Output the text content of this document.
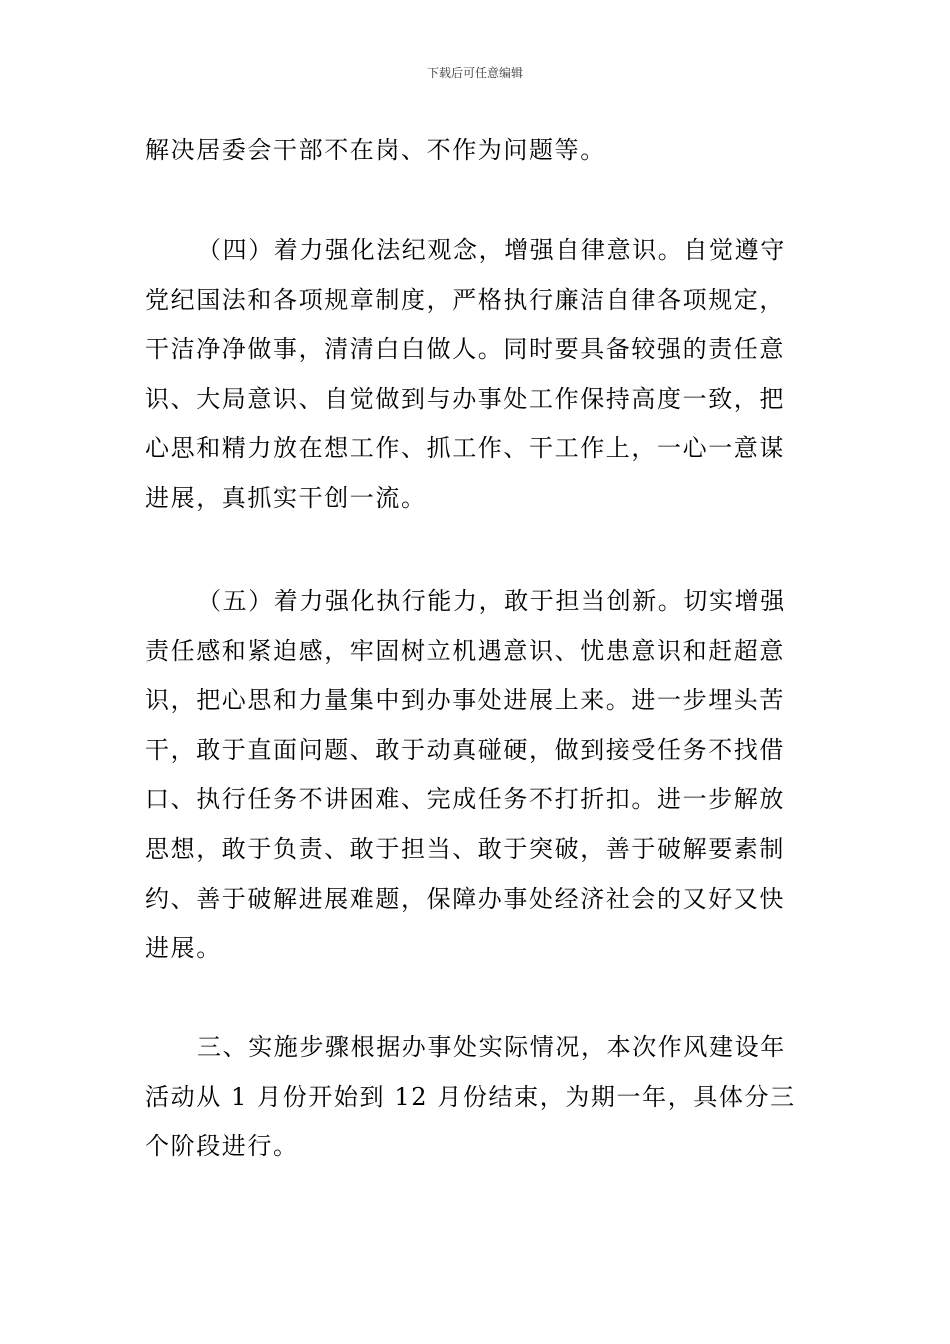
下载后可任意编辑

解决居委会干部不在岗、不作为问题等。

（四）着力强化法纪观念，增强自律意识。自觉遵守党纪国法和各项规章制度，严格执行廉洁自律各项规定，干洁净净做事，清清白白做人。同时要具备较强的责任意识、大局意识、自觉做到与办事处工作保持高度一致，把心思和精力放在想工作、抓工作、干工作上，一心一意谋进展，真抓实干创一流。

（五）着力强化执行能力，敢于担当创新。切实增强责任感和紧迫感，牢固树立机遇意识、忧患意识和赶超意识，把心思和力量集中到办事处进展上来。进一步埋头苦干，敢于直面问题、敢于动真碰硬，做到接受任务不找借口、执行任务不讲困难、完成任务不打折扣。进一步解放思想，敢于负责、敢于担当、敢于突破，善于破解要素制约、善于破解进展难题，保障办事处经济社会的又好又快进展。

三、实施步骤根据办事处实际情况，本次作风建设年活动从 1 月份开始到 12 月份结束，为期一年，具体分三个阶段进行。
